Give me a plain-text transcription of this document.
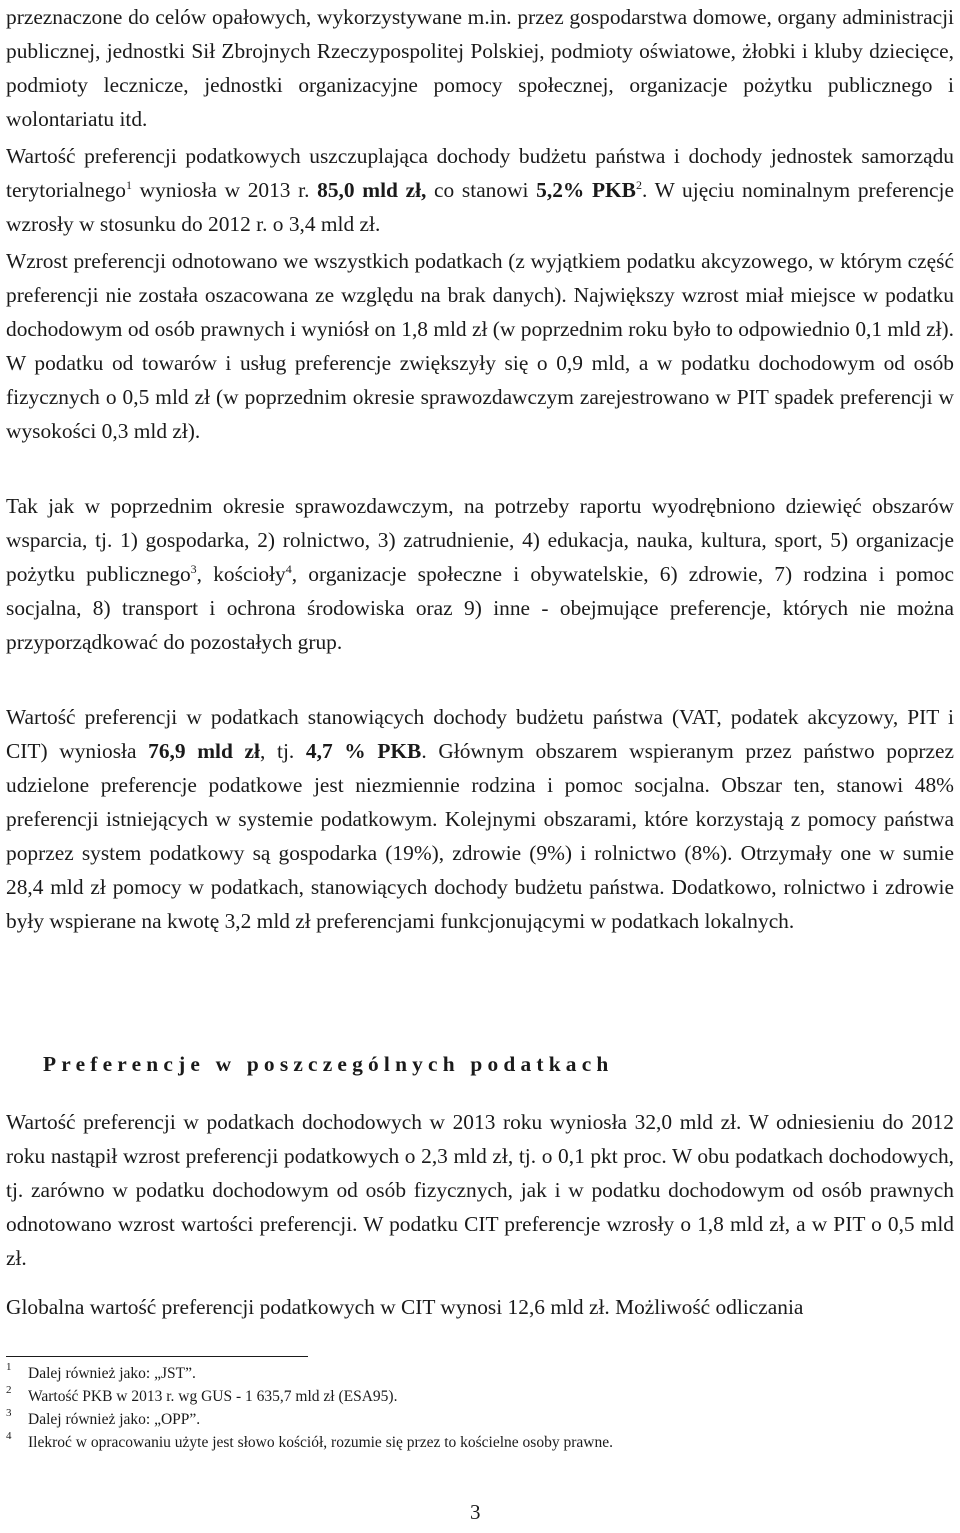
przeznaczone do celów opałowych, wykorzystywane m.in. przez gospodarstwa domowe, organy administracji publicznej, jednostki Sił Zbrojnych Rzeczypospolitej Polskiej, podmioty oświatowe, żłobki i kluby dziecięce, podmioty lecznicze, jednostki organizacyjne pomocy społecznej, organizacje pożytku publicznego i wolontariatu itd.

Wartość preferencji podatkowych uszczuplająca dochody budżetu państwa i dochody jednostek samorządu terytorialnego$^1$ wyniosła w 2013 r. 85,0 mld zł, co stanowi 5,2% PKB$^2$. W ujęciu nominalnym preferencje wzrosły w stosunku do 2012 r. o 3,4 mld zł.

Wzrost preferencji odnotowano we wszystkich podatkach (z wyjątkiem podatku akcyzowego, w którym część preferencji nie została oszacowana ze względu na brak danych). Największy wzrost miał miejsce w podatku dochodowym od osób prawnych i wyniósł on 1,8 mld zł (w poprzednim roku było to odpowiednio 0,1 mld zł). W podatku od towarów i usług preferencje zwiększyły się o 0,9 mld, a w podatku dochodowym od osób fizycznych o 0,5 mld zł (w poprzednim okresie sprawozdawczym zarejestrowano w PIT spadek preferencji w wysokości 0,3 mld zł).

Tak jak w poprzednim okresie sprawozdawczym, na potrzeby raportu wyodrębniono dziewięć obszarów wsparcia, tj. 1) gospodarka, 2) rolnictwo, 3) zatrudnienie, 4) edukacja, nauka, kultura, sport, 5) organizacje pożytku publicznego$^3$, kościoły$^4$, organizacje społeczne i obywatelskie, 6) zdrowie, 7) rodzina i pomoc socjalna, 8) transport i ochrona środowiska oraz 9) inne - obejmujące preferencje, których nie można przyporządkować do pozostałych grup.

Wartość preferencji w podatkach stanowiących dochody budżetu państwa (VAT, podatek akcyzowy, PIT i CIT) wyniosła 76,9 mld zł, tj. 4,7 % PKB. Głównym obszarem wspieranym przez państwo poprzez udzielone preferencje podatkowe jest niezmiennie rodzina i pomoc socjalna. Obszar ten, stanowi 48% preferencji istniejących w systemie podatkowym. Kolejnymi obszarami, które korzystają z pomocy państwa poprzez system podatkowy są gospodarka (19%), zdrowie (9%) i rolnictwo (8%). Otrzymały one w sumie 28,4 mld zł pomocy w podatkach, stanowiących dochody budżetu państwa. Dodatkowo, rolnictwo i zdrowie były wspierane na kwotę 3,2 mld zł preferencjami funkcjonującymi w podatkach lokalnych.

Preferencje w poszczególnych podatkach

Wartość preferencji w podatkach dochodowych w 2013 roku wyniosła 32,0 mld zł. W odniesieniu do 2012 roku nastąpił wzrost preferencji podatkowych o 2,3 mld zł, tj. o 0,1 pkt proc. W obu podatkach dochodowych, tj. zarówno w podatku dochodowym od osób fizycznych, jak i w podatku dochodowym od osób prawnych odnotowano wzrost wartości preferencji. W podatku CIT preferencje wzrosły o 1,8 mld zł, a w PIT o 0,5 mld zł.

Globalna wartość preferencji podatkowych w CIT wynosi 12,6 mld zł. Możliwość odliczania

1 Dalej również jako: „JST”.
2 Wartość PKB w 2013 r. wg GUS - 1 635,7 mld zł (ESA95).
3 Dalej również jako: „OPP”.
4 Ilekroć w opracowaniu użyte jest słowo kościół, rozumie się przez to kościelne osoby prawne.
3
